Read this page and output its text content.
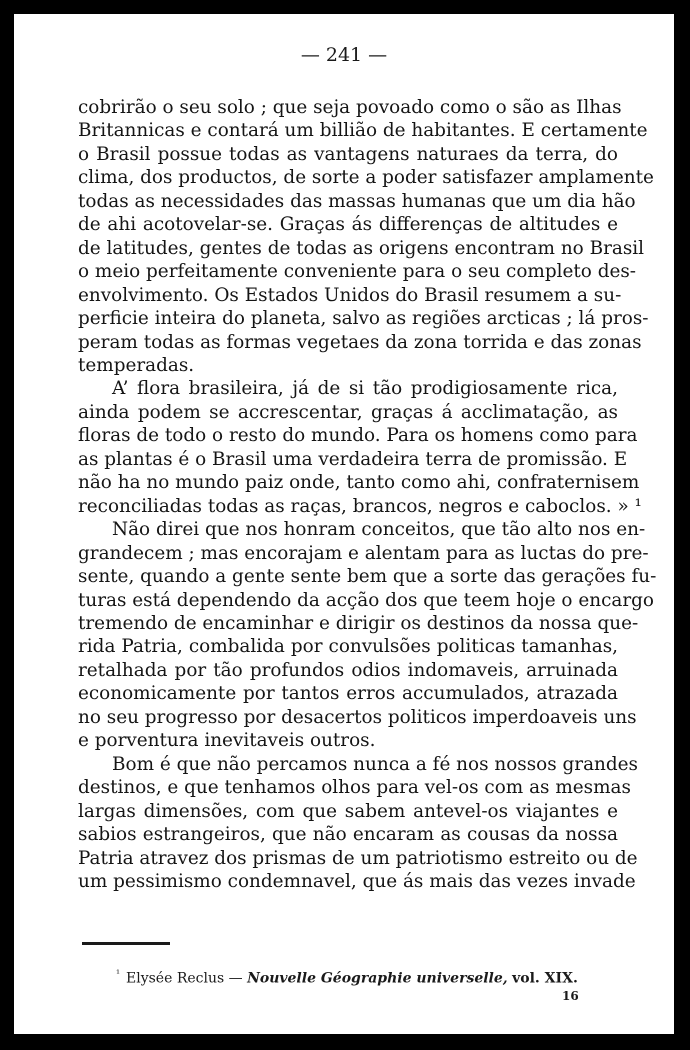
— 241 —
cobrirão o seu solo ; que seja povoado como o são as Ilhas
Britannicas e contará um billião de habitantes. E certamente
o Brasil possue todas as vantagens naturaes da terra, do
clima, dos productos, de sorte a poder satisfazer amplamente
todas as necessidades das massas humanas que um dia hão
de ahi acotovelar-se. Graças ás differenças de altitudes e
de latitudes, gentes de todas as origens encontram no Brasil
o meio perfeitamente conveniente para o seu completo des-
envolvimento. Os Estados Unidos do Brasil resumem a su-
perficie inteira do planeta, salvo as regiões arcticas ; lá pros-
peram todas as formas vegetaes da zona torrida e das zonas
temperadas.
A’ flora brasileira, já de si tão prodigiosamente rica,
ainda podem se accrescentar, graças á acclimatação, as
floras de todo o resto do mundo. Para os homens como para
as plantas é o Brasil uma verdadeira terra de promissão. E
não ha no mundo paiz onde, tanto como ahi, confraternisem
reconciliadas todas as raças, brancos, negros e caboclos. » ¹
Não direi que nos honram conceitos, que tão alto nos en-
grandecem ; mas encorajam e alentam para as luctas do pre-
sente, quando a gente sente bem que a sorte das gerações fu-
turas está dependendo da acção dos que teem hoje o encargo
tremendo de encaminhar e dirigir os destinos da nossa que-
rida Patria, combalida por convulsões politicas tamanhas,
retalhada por tão profundos odios indomaveis, arruinada
economicamente por tantos erros accumulados, atrazada
no seu progresso por desacertos politicos imperdoaveis uns
e porventura inevitaveis outros.
Bom é que não percamos nunca a fé nos nossos grandes
destinos, e que tenhamos olhos para vel-os com as mesmas
largas dimensões, com que sabem antevel-os viajantes e
sabios estrangeiros, que não encaram as cousas da nossa
Patria atravez dos prismas de um patriotismo estreito ou de
um pessimismo condemnavel, que ás mais das vezes invade
$^{^1}$ Elysée Reclus — Nouvelle Géographie universelle, vol. XIX.
16
